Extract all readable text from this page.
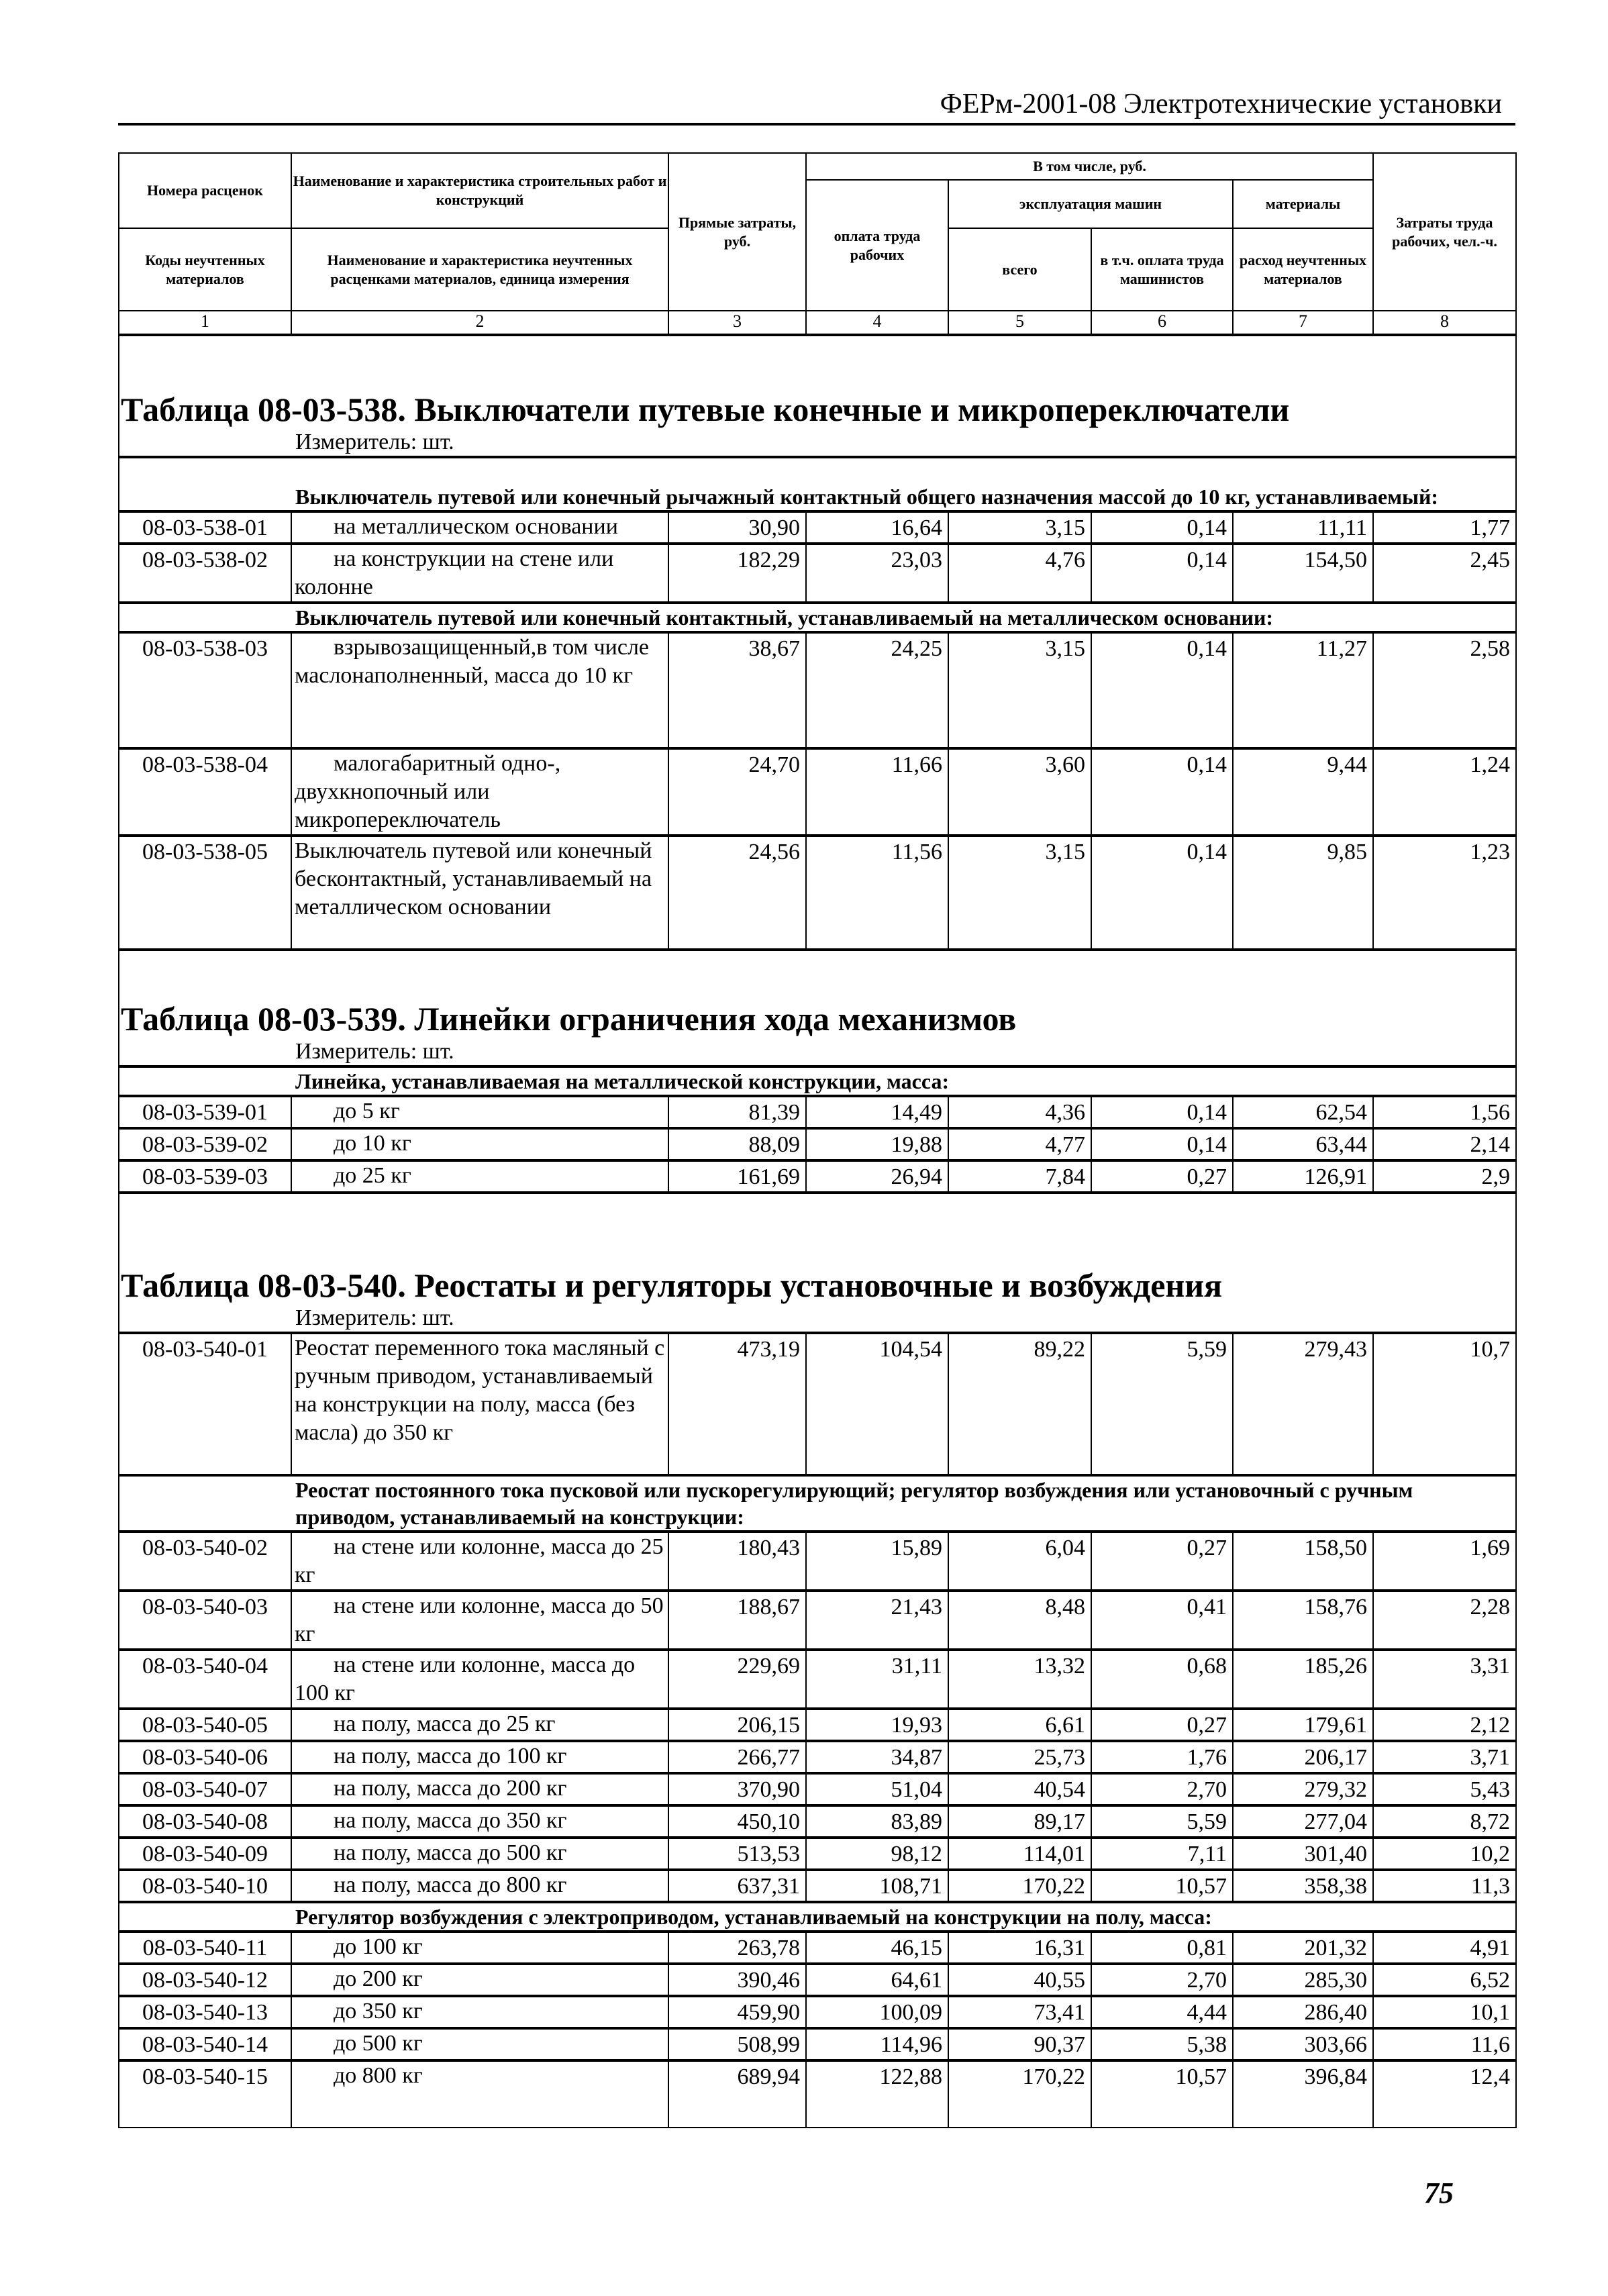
ФЕРм-2001-08 Электротехнические установки
Номера расценок	Наименование и характеристика строительных работ и конструкций	Прямые затраты, руб.	В том числе, руб.				Затраты труда рабочих, чел.-ч.
			оплата труда рабочих	эксплуатация машин		материалы	
Коды неучтенных материалов	Наименование и характеристика неучтенных расценками материалов, единица измерения			всего	в т.ч. оплата труда машинистов	расход неучтенных материалов	

1	2	3	4	5	6	7	8

Таблица 08-03-538. Выключатели путевые конечные и микропереключатели
Измеритель: шт.							

Выключатель путевой или конечный рычажный контактный общего назначения массой до 10 кг, устанавливаемый:							

08-03-538-01	на металлическом основании	30,90	16,64	3,15	0,14	11,11	1,77
08-03-538-02	на конструкции на стене или колонне	182,29	23,03	4,76	0,14	154,50	2,45

Выключатель путевой или конечный контактный, устанавливаемый на металлическом основании:							

08-03-538-03	взрывозащищенный,в том числе маслонаполненный, масса до 10 кг	38,67	24,25	3,15	0,14	11,27	2,58
08-03-538-04	малогабаритный одно-, двухкнопочный или микропереключатель	24,70	11,66	3,60	0,14	9,44	1,24
08-03-538-05	Выключатель путевой или конечный бесконтактный, устанавливаемый на металлическом основании	24,56	11,56	3,15	0,14	9,85	1,23

Таблица 08-03-539. Линейки ограничения хода механизмов
Измеритель: шт.							

Линейка, устанавливаемая на металлической конструкции, масса:							

08-03-539-01	до 5 кг	81,39	14,49	4,36	0,14	62,54	1,56
08-03-539-02	до 10 кг	88,09	19,88	4,77	0,14	63,44	2,14
08-03-539-03	до 25 кг	161,69	26,94	7,84	0,27	126,91	2,9

Таблица 08-03-540. Реостаты и регуляторы установочные и возбуждения
Измеритель: шт.							

08-03-540-01	Реостат переменного тока масляный с ручным приводом, устанавливаемый на конструкции на полу, масса (без масла) до 350 кг	473,19	104,54	89,22	5,59	279,43	10,7

Реостат постоянного тока пусковой или пускорегулирующий; регулятор возбуждения или установочный с ручным приводом, устанавливаемый на конструкции:							

08-03-540-02	на стене или колонне, масса до 25 кг	180,43	15,89	6,04	0,27	158,50	1,69
08-03-540-03	на стене или колонне, масса до 50 кг	188,67	21,43	8,48	0,41	158,76	2,28
08-03-540-04	на стене или колонне, масса до 100 кг	229,69	31,11	13,32	0,68	185,26	3,31
08-03-540-05	на полу, масса до 25 кг	206,15	19,93	6,61	0,27	179,61	2,12
08-03-540-06	на полу, масса до 100 кг	266,77	34,87	25,73	1,76	206,17	3,71
08-03-540-07	на полу, масса до 200 кг	370,90	51,04	40,54	2,70	279,32	5,43
08-03-540-08	на полу, масса до 350 кг	450,10	83,89	89,17	5,59	277,04	8,72
08-03-540-09	на полу, масса до 500 кг	513,53	98,12	114,01	7,11	301,40	10,2
08-03-540-10	на полу, масса до 800 кг	637,31	108,71	170,22	10,57	358,38	11,3

Регулятор возбуждения с электроприводом, устанавливаемый на конструкции на полу, масса:							

08-03-540-11	до 100 кг	263,78	46,15	16,31	0,81	201,32	4,91
08-03-540-12	до 200 кг	390,46	64,61	40,55	2,70	285,30	6,52
08-03-540-13	до 350 кг	459,90	100,09	73,41	4,44	286,40	10,1
08-03-540-14	до 500 кг	508,99	114,96	90,37	5,38	303,66	11,6
08-03-540-15	до 800 кг	689,94	122,88	170,22	10,57	396,84	12,4
75
